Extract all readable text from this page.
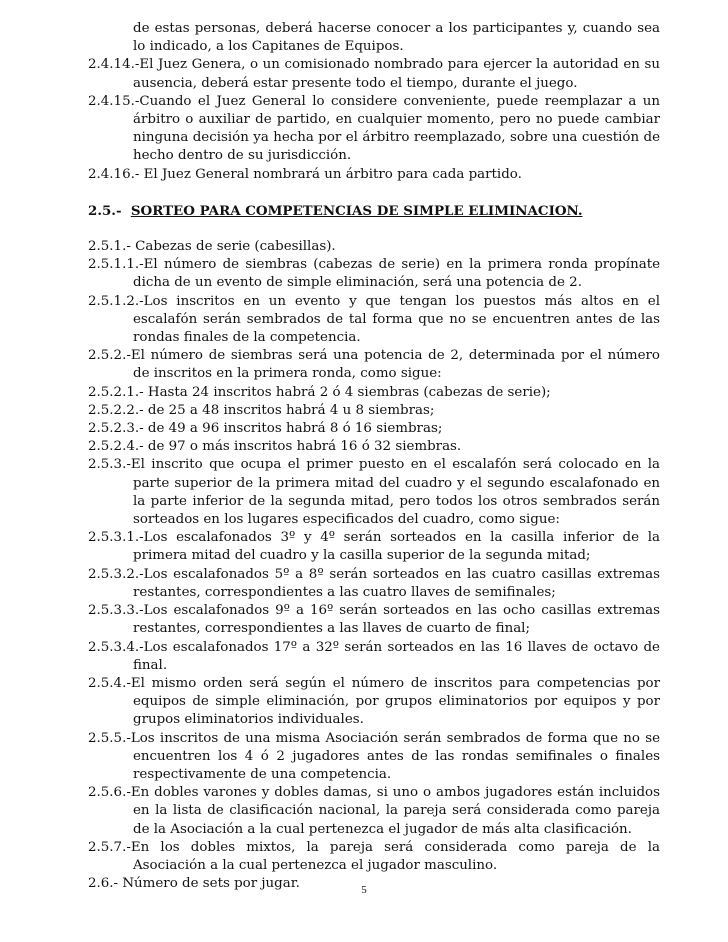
de estas personas, deberá hacerse conocer a los participantes y, cuando sea lo indicado, a los Capitanes de Equipos.

2.4.14.-El Juez Genera, o un comisionado nombrado para ejercer la autoridad en su ausencia, deberá estar presente todo el tiempo, durante el juego.

2.4.15.-Cuando el Juez General lo considere conveniente, puede reemplazar a un árbitro o auxiliar de partido, en cualquier momento, pero no puede cambiar ninguna decisión ya hecha por el árbitro reemplazado, sobre una cuestión de hecho dentro de su jurisdicción.

2.4.16.- El Juez General nombrará un árbitro para cada partido.

2.5.- SORTEO PARA COMPETENCIAS DE SIMPLE ELIMINACION.

2.5.1.- Cabezas de serie (cabesillas).

2.5.1.1.-El número de siembras (cabezas de serie) en la primera ronda propínate dicha de un evento de simple eliminación, será una potencia de 2.

2.5.1.2.-Los inscritos en un evento y que tengan los puestos más altos en el escalafón serán sembrados de tal forma que no se encuentren antes de las rondas finales de la competencia.

2.5.2.-El número de siembras será una potencia de 2, determinada por el número de inscritos en la primera ronda, como sigue:

2.5.2.1.- Hasta 24 inscritos habrá 2 ó 4 siembras (cabezas de serie);

2.5.2.2.- de 25 a 48 inscritos habrá 4 u 8 siembras;

2.5.2.3.- de 49 a 96 inscritos habrá 8 ó 16 siembras;

2.5.2.4.- de 97 o más inscritos habrá 16 ó 32 siembras.

2.5.3.-El inscrito que ocupa el primer puesto en el escalafón será colocado en la parte superior de la primera mitad del cuadro y el segundo escalafonado en la parte inferior de la segunda mitad, pero todos los otros sembrados serán sorteados en los lugares especificados del cuadro, como sigue:

2.5.3.1.-Los escalafonados 3º y 4º serán sorteados en la casilla inferior de la primera mitad del cuadro y la casilla superior de la segunda mitad;

2.5.3.2.-Los escalafonados 5º a 8º serán sorteados en las cuatro casillas extremas restantes, correspondientes a las cuatro llaves de semifinales;

2.5.3.3.-Los escalafonados 9º a 16º serán sorteados en las ocho casillas extremas restantes, correspondientes a las llaves de cuarto de final;

2.5.3.4.-Los escalafonados 17º a 32º serán sorteados en las 16 llaves de octavo de final.

2.5.4.-El mismo orden será según el número de inscritos para competencias por equipos de simple eliminación, por grupos eliminatorios por equipos y por grupos eliminatorios individuales.

2.5.5.-Los inscritos de una misma Asociación serán sembrados de forma que no se encuentren los 4 ó 2 jugadores antes de las rondas semifinales o finales respectivamente de una competencia.

2.5.6.-En dobles varones y dobles damas, si uno o ambos jugadores están incluidos en la lista de clasificación nacional, la pareja será considerada como pareja de la Asociación a la cual pertenezca el jugador de más alta clasificación.

2.5.7.-En los dobles mixtos, la pareja será considerada como pareja de la Asociación a la cual pertenezca el jugador masculino.

2.6.- Número de sets por jugar.	5
